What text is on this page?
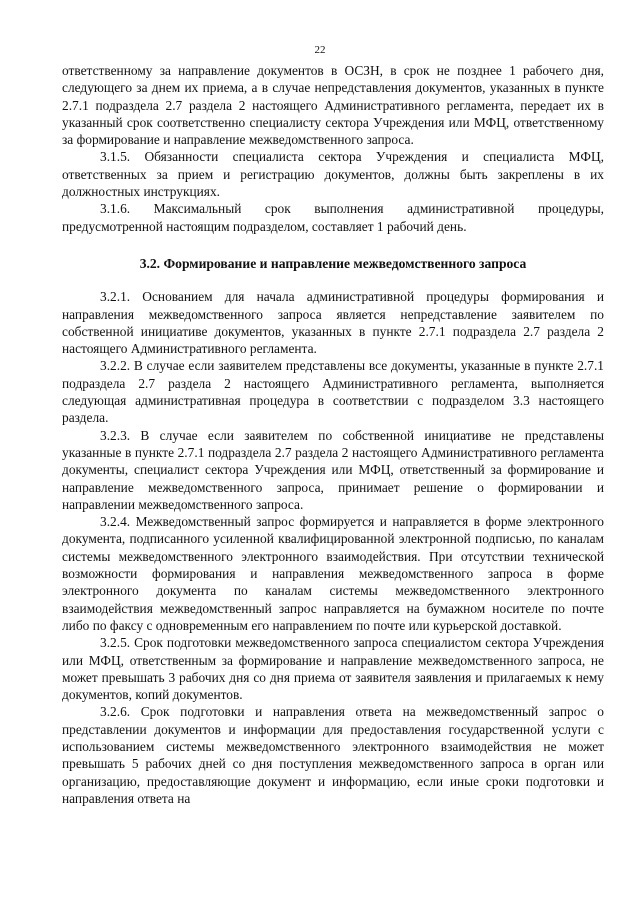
22

ответственному за направление документов в ОСЗН, в срок не позднее 1 рабочего дня, следующего за днем их приема, а в случае непредставления документов, указанных в пункте 2.7.1 подраздела 2.7 раздела 2 настоящего Административного регламента, передает их в указанный срок соответственно специалисту сектора Учреждения или МФЦ, ответственному за формирование и направление межведомственного запроса.

3.1.5. Обязанности специалиста сектора Учреждения и специалиста МФЦ, ответственных за прием и регистрацию документов, должны быть закреплены в их должностных инструкциях.

3.1.6. Максимальный срок выполнения административной процедуры, предусмотренной настоящим подразделом, составляет 1 рабочий день.

3.2. Формирование и направление межведомственного запроса

3.2.1. Основанием для начала административной процедуры формирования и направления межведомственного запроса является непредставление заявителем по собственной инициативе документов, указанных в пункте 2.7.1 подраздела 2.7 раздела 2 настоящего Административного регламента.

3.2.2. В случае если заявителем представлены все документы, указанные в пункте 2.7.1 подраздела 2.7 раздела 2 настоящего Административного регламента, выполняется следующая административная процедура в соответствии с подразделом 3.3 настоящего раздела.

3.2.3. В случае если заявителем по собственной инициативе не представлены указанные в пункте 2.7.1 подраздела 2.7 раздела 2 настоящего Административного регламента документы, специалист сектора Учреждения или МФЦ, ответственный за формирование и направление межведомственного запроса, принимает решение о формировании и направлении межведомственного запроса.

3.2.4. Межведомственный запрос формируется и направляется в форме электронного документа, подписанного усиленной квалифицированной электронной подписью, по каналам системы межведомственного электронного взаимодействия. При отсутствии технической возможности формирования и направления межведомственного запроса в форме электронного документа по каналам системы межведомственного электронного взаимодействия межведомственный запрос направляется на бумажном носителе по почте либо по факсу с одновременным его направлением по почте или курьерской доставкой.

3.2.5. Срок подготовки межведомственного запроса специалистом сектора Учреждения или МФЦ, ответственным за формирование и направление межведомственного запроса, не может превышать 3 рабочих дня со дня приема от заявителя заявления и прилагаемых к нему документов, копий документов.

3.2.6. Срок подготовки и направления ответа на межведомственный запрос о представлении документов и информации для предоставления государственной услуги с использованием системы межведомственного электронного взаимодействия не может превышать 5 рабочих дней со дня поступления межведомственного запроса в орган или организацию, предоставляющие документ и информацию, если иные сроки подготовки и направления ответа на
